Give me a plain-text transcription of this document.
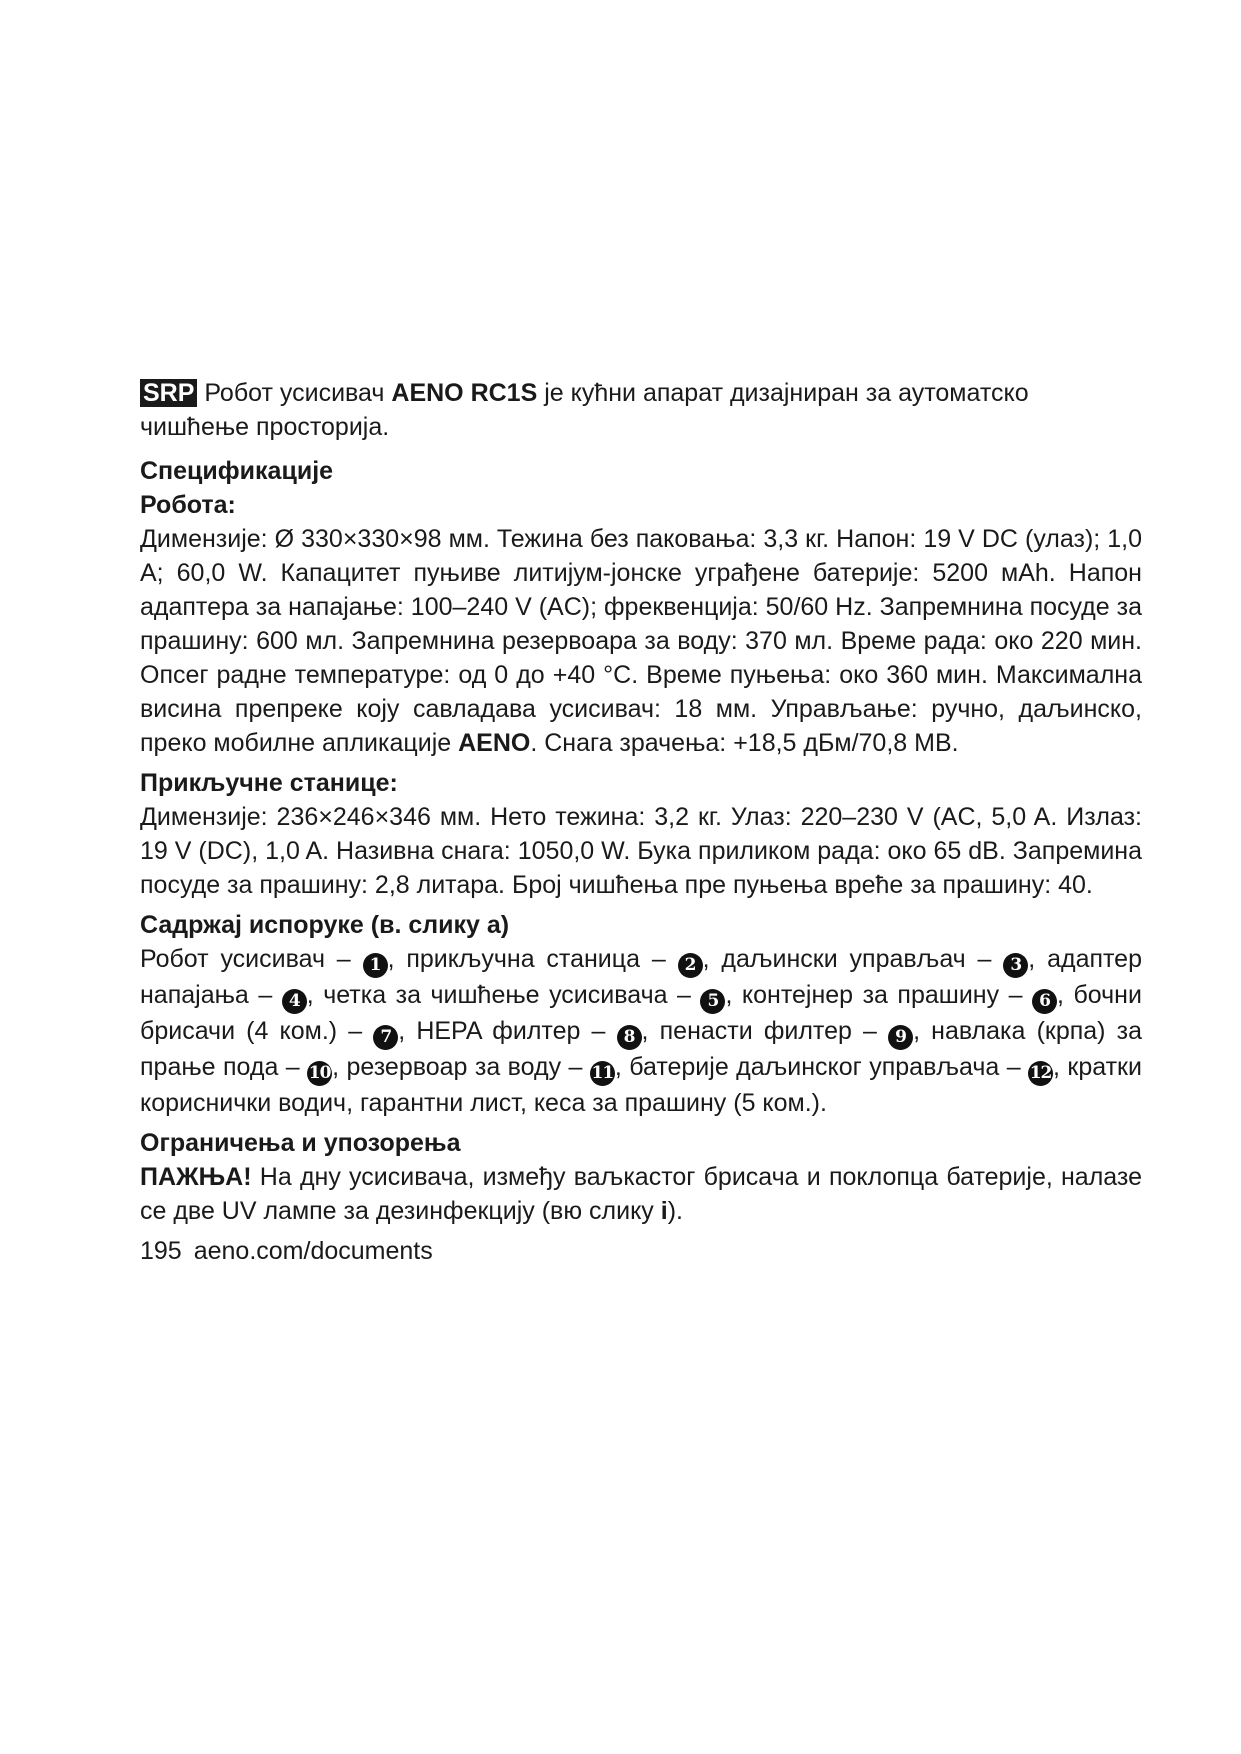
SRP Робот усисивач AENO RC1S је кућни апарат дизајниран за аутоматско чишћење просторија.

Спецификације

Робота:

Димензије: Ø 330×330×98 мм. Тежина без паковања: 3,3 кг. Напон: 19 V DC (улаз); 1,0 A; 60,0 W. Капацитет пуњиве литијум-јонске уграђене батерије: 5200 мAh. Напон адаптера за напајање: 100–240 V (AC); фреквенција: 50/60 Hz. Запремнина посуде за прашину: 600 мл. Запремнина резервоара за воду: 370 мл. Време рада: око 220 мин. Опсег радне температуре: од 0 до +40 °C. Време пуњења: око 360 мин. Максимална висина препреке коју савладава усисивач: 18 мм. Управљање: ручно, даљинско, преко мобилне апликације AENO. Снага зрачења: +18,5 дБм/70,8 МВ.

Прикључне станице:

Димензије: 236×246×346 мм. Нето тежина: 3,2 кг. Улаз: 220–230 V (AC, 5,0 A. Излаз: 19 V (DC), 1,0 A. Називна снага: 1050,0 W. Бука приликом рада: око 65 dB. Запремина посуде за прашину: 2,8 литара. Број чишћења пре пуњења вреће за прашину: 40.

Садржај испоруке (в. слику a)

Робот усисивач – 1 , прикључна станица – 2 , даљински управљач – 3 , адаптер напајања – 4 , четка за чишћење усисивача – 5 , контејнер за прашину – 6 , бочни брисачи (4 ком.) – 7 , HEPA филтер – 8 , пенасти филтер – 9 , навлака (крпа) за прање пода – 10, резервоар за воду – 11, батерије даљинског управљача – 12, кратки кориснички водич, гарантни лист, кеса за прашину (5 ком.).

Ограничења и упозорења

ПАЖЊА! На дну усисивача, између ваљкастог брисача и поклопца батерије, налазе се две UV лампе за дезинфекцију (вю слику i).

195 aeno.com/documents
